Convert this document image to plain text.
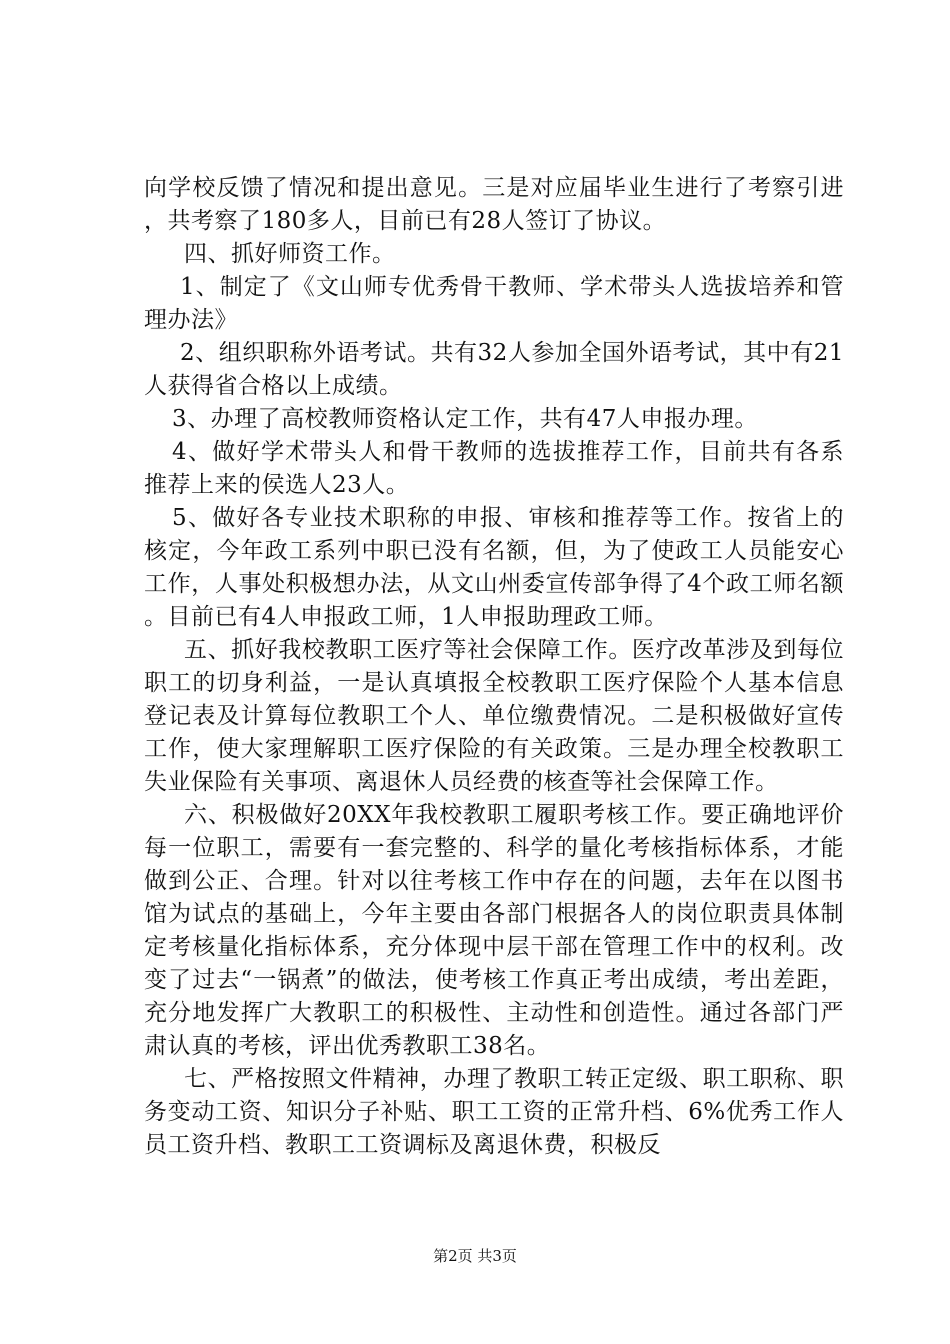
向学校反馈了情况和提出意见。三是对应届毕业生进行了考察引进，共考察了180多人，目前已有28人签订了协议。

四、抓好师资工作。

1、制定了《文山师专优秀骨干教师、学术带头人选拔培养和管理办法》

2、组织职称外语考试。共有32人参加全国外语考试，其中有21人获得省合格以上成绩。

3、办理了高校教师资格认定工作，共有47人申报办理。

4、做好学术带头人和骨干教师的选拔推荐工作，目前共有各系推荐上来的侯选人23人。

5、做好各专业技术职称的申报、审核和推荐等工作。按省上的核定，今年政工系列中职已没有名额，但，为了使政工人员能安心工作，人事处积极想办法，从文山州委宣传部争得了4个政工师名额。目前已有4人申报政工师，1人申报助理政工师。

五、抓好我校教职工医疗等社会保障工作。医疗改革涉及到每位职工的切身利益，一是认真填报全校教职工医疗保险个人基本信息登记表及计算每位教职工个人、单位缴费情况。二是积极做好宣传工作，使大家理解职工医疗保险的有关政策。三是办理全校教职工失业保险有关事项、离退休人员经费的核查等社会保障工作。

六、积极做好20XX年我校教职工履职考核工作。要正确地评价每一位职工，需要有一套完整的、科学的量化考核指标体系，才能做到公正、合理。针对以往考核工作中存在的问题，去年在以图书馆为试点的基础上，今年主要由各部门根据各人的岗位职责具体制定考核量化指标体系，充分体现中层干部在管理工作中的权利。改变了过去“一锅煮”的做法，使考核工作真正考出成绩，考出差距，充分地发挥广大教职工的积极性、主动性和创造性。通过各部门严肃认真的考核，评出优秀教职工38名。

七、严格按照文件精神，办理了教职工转正定级、职工职称、职务变动工资、知识分子补贴、职工工资的正常升档、6%优秀工作人员工资升档、教职工工资调标及离退休费，积极反

第2页 共3页
